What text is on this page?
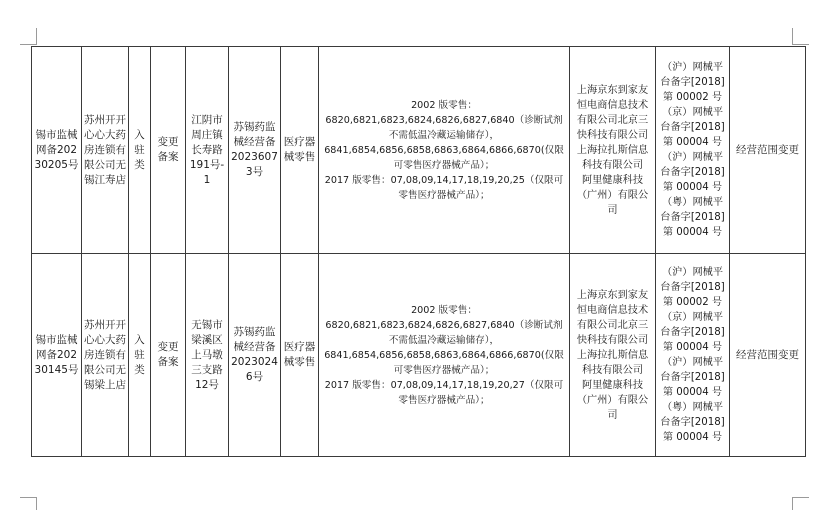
锡市监械网备20230205号	苏州开开心心大药房连锁有限公司无锡江寿店	入驻类	变更备案	江阴市周庄镇长寿路191号-1	苏锡药监械经营备20236073号	医疗器械零售	2002 版零售：
6820,6821,6823,6824,6826,6827,6840（诊断试剂不需低温冷藏运输储存），
6841,6854,6856,6858,6863,6864,6866,6870(仅限可零售医疗器械产品）；
2017 版零售：07,08,09,14,17,18,19,20,25（仅限可零售医疗器械产品）；	上海京东到家友恒电商信息技术有限公司北京三快科技有限公司上海拉扎斯信息科技有限公司　阿里健康科技（广州）有限公司	（沪）网械平台备字[2018]第 00002 号（京）网械平台备字[2018]第 00004 号（沪）网械平台备字[2018]第 00004 号（粤）网械平台备字[2018]第 00004 号	经营范围变更
锡市监械网备20230145号	苏州开开心心大药房连锁有限公司无锡梁上店	入驻类	变更备案	无锡市梁溪区上马墩三支路12号	苏锡药监械经营备20230246号	医疗器械零售	2002 版零售：
6820,6821,6823,6824,6826,6827,6840（诊断试剂不需低温冷藏运输储存），
6841,6854,6856,6858,6863,6864,6866,6870(仅限可零售医疗器械产品）；
2017 版零售：07,08,09,14,17,18,19,20,27（仅限可零售医疗器械产品）；	上海京东到家友恒电商信息技术有限公司北京三快科技有限公司上海拉扎斯信息科技有限公司　阿里健康科技（广州）有限公司	（沪）网械平台备字[2018]第 00002 号（京）网械平台备字[2018]第 00004 号（沪）网械平台备字[2018]第 00004 号（粤）网械平台备字[2018]第 00004 号	经营范围变更
